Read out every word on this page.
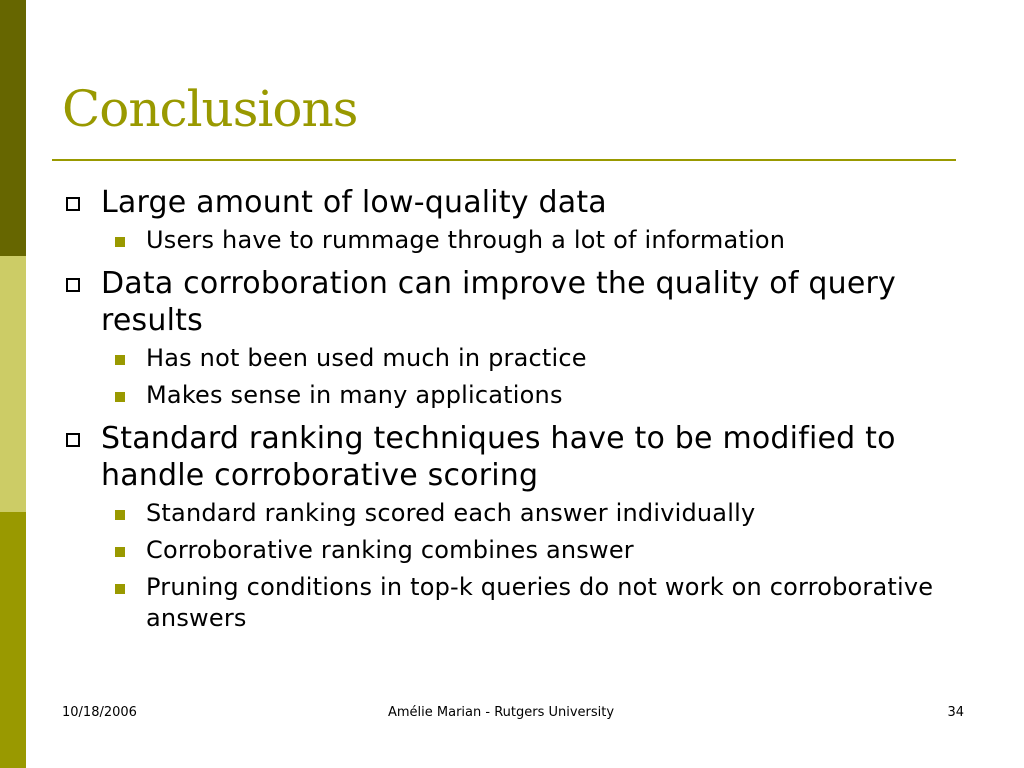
Conclusions
Large amount of low-quality data
Users have to rummage through a lot of information
Data corroboration can improve the quality of query results
Has not been used much in practice
Makes sense in many applications
Standard ranking techniques have to be modified to handle corroborative scoring
Standard ranking scored each answer individually
Corroborative ranking combines answer
Pruning conditions in top-k queries do not work on corroborative answers
10/18/2006	Amélie Marian - Rutgers University	34
